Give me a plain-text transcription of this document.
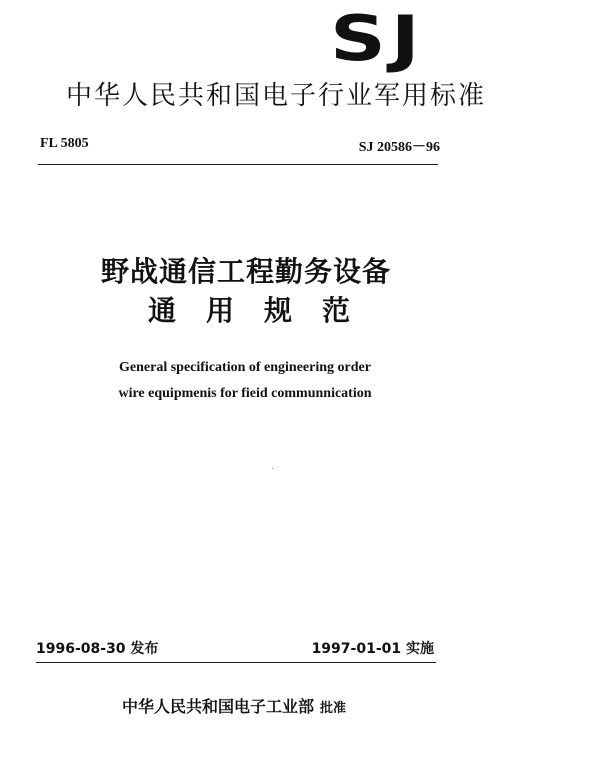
SJ
中华人民共和国电子行业军用标准
FL 5805	SJ 20586－96
野战通信工程勤务设备
通用规范
General specification of engineering order
wire equipmenis for fieid communnication
1996-08-30 发布	1997-01-01 实施
中华人民共和国电子工业部 批准
